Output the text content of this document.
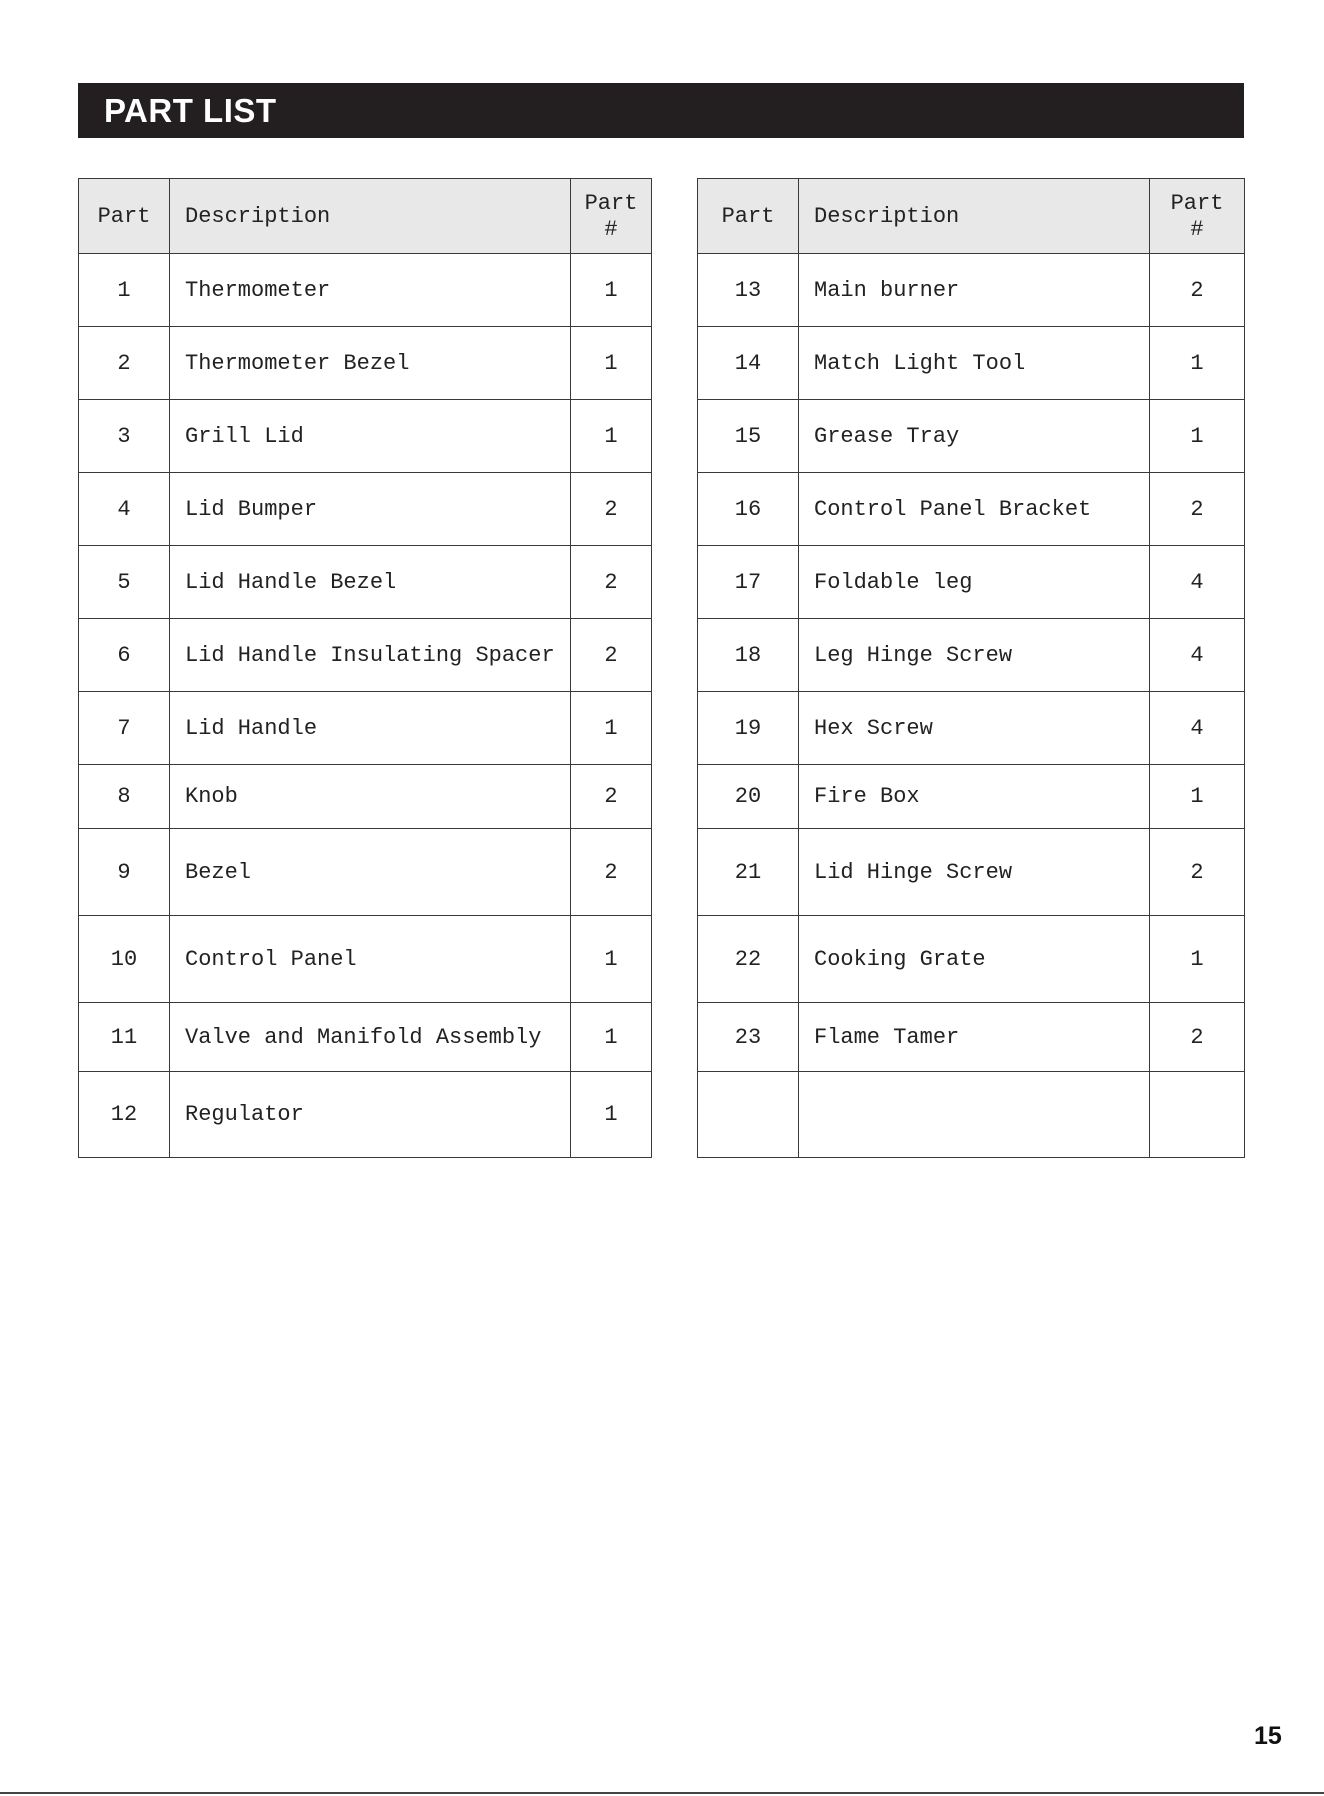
PART LIST
Part	Description	Part
#

1	Thermometer	1
2	Thermometer Bezel	1
3	Grill Lid	1
4	Lid Bumper	2
5	Lid Handle Bezel	2
6	Lid Handle Insulating Spacer	2
7	Lid Handle	1
8	Knob	2
9	Bezel	2
10	Control Panel	1
11	Valve and Manifold Assembly	1
12	Regulator	1
Part	Description	Part
#

13	Main burner	2
14	Match Light Tool	1
15	Grease Tray	1
16	Control Panel Bracket	2
17	Foldable leg	4
18	Leg Hinge Screw	4
19	Hex Screw	4
20	Fire Box	1
21	Lid Hinge Screw	2
22	Cooking Grate	1
23	Flame Tamer	2

15
